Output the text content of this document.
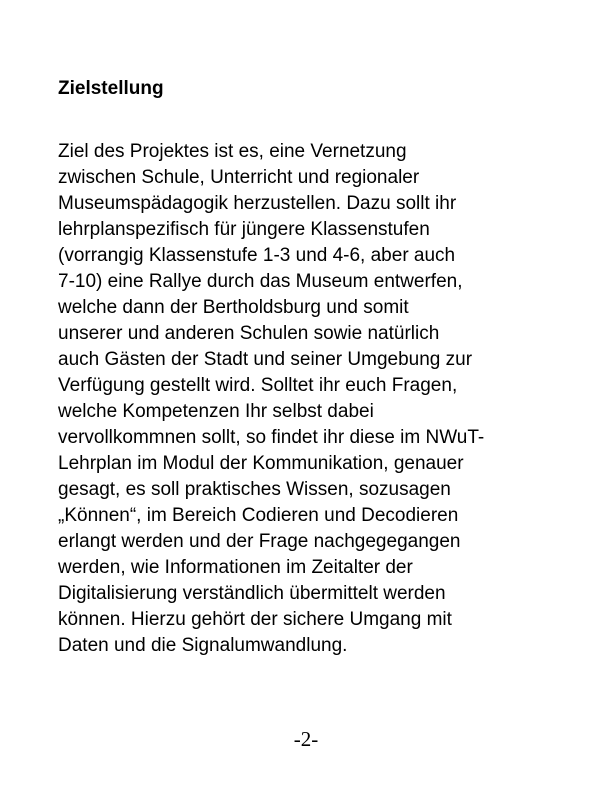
Zielstellung
Ziel des Projektes ist es, eine Vernetzung
zwischen Schule, Unterricht und regionaler
Museumspädagogik herzustellen. Dazu sollt ihr
lehrplanspezifisch für jüngere Klassenstufen
(vorrangig Klassenstufe 1-3 und 4-6, aber auch
7-10) eine Rallye durch das Museum entwerfen,
welche dann der Bertholdsburg und somit
unserer und anderen Schulen sowie natürlich
auch Gästen der Stadt und seiner Umgebung zur
Verfügung gestellt wird. Solltet ihr euch Fragen,
welche Kompetenzen Ihr selbst dabei
vervollkommnen sollt, so findet ihr diese im NWuT-
Lehrplan im Modul der Kommunikation, genauer
gesagt, es soll praktisches Wissen, sozusagen
„Können“, im Bereich Codieren und Decodieren
erlangt werden und der Frage nachgegegangen
werden, wie Informationen im Zeitalter der
Digitalisierung verständlich übermittelt werden
können. Hierzu gehört der sichere Umgang mit
Daten und die Signalumwandlung.
-2-
